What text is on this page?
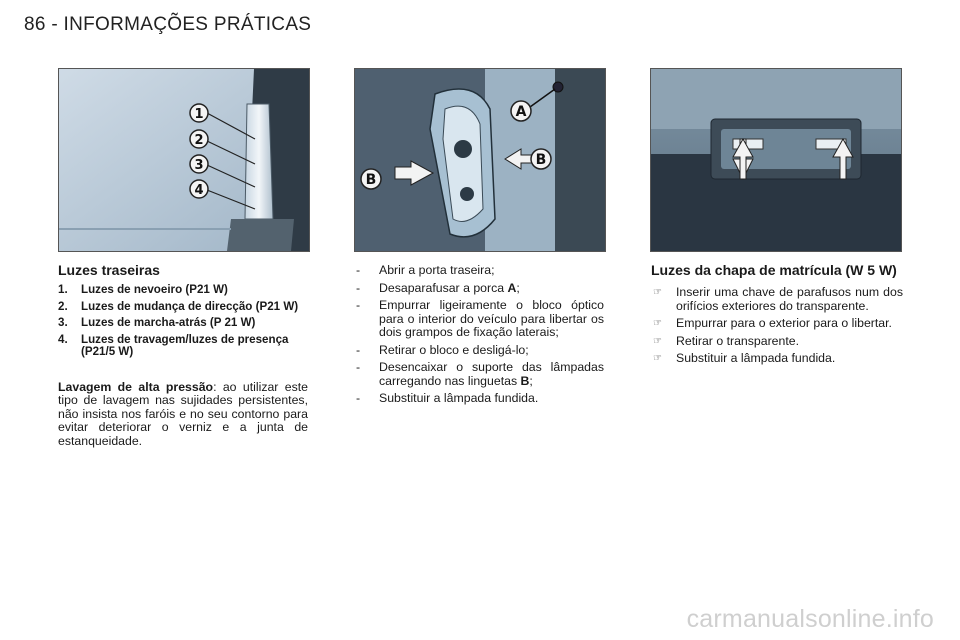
86 - INFORMAÇÕES PRÁTICAS
1
2
3
4
A
B
B
Luzes traseiras
1. Luzes de nevoeiro (P21 W)
2. Luzes de mudança de direcção (P21 W)
3. Luzes de marcha-atrás (P 21 W)
4. Luzes de travagem/luzes de presença (P21/5 W)
Lavagem de alta pressão: ao utilizar este tipo de lavagem nas sujidades persistentes, não insista nos faróis e no seu contorno para evitar deteriorar o verniz e a junta de estanqueidade.
- Abrir a porta traseira;
- Desaparafusar a porca A;
- Empurrar ligeiramente o bloco óptico para o interior do veículo para libertar os dois grampos de fixação laterais;
- Retirar o bloco e desligá-lo;
- Desencaixar o suporte das lâmpadas carregando nas linguetas B;
- Substituir a lâmpada fundida.
Luzes da chapa de matrícula (W 5 W)
☞ Inserir uma chave de parafusos num dos orifícios exteriores do transparente.
☞ Empurrar para o exterior para o libertar.
☞ Retirar o transparente.
☞ Substituir a lâmpada fundida.
carmanualsonline.info
